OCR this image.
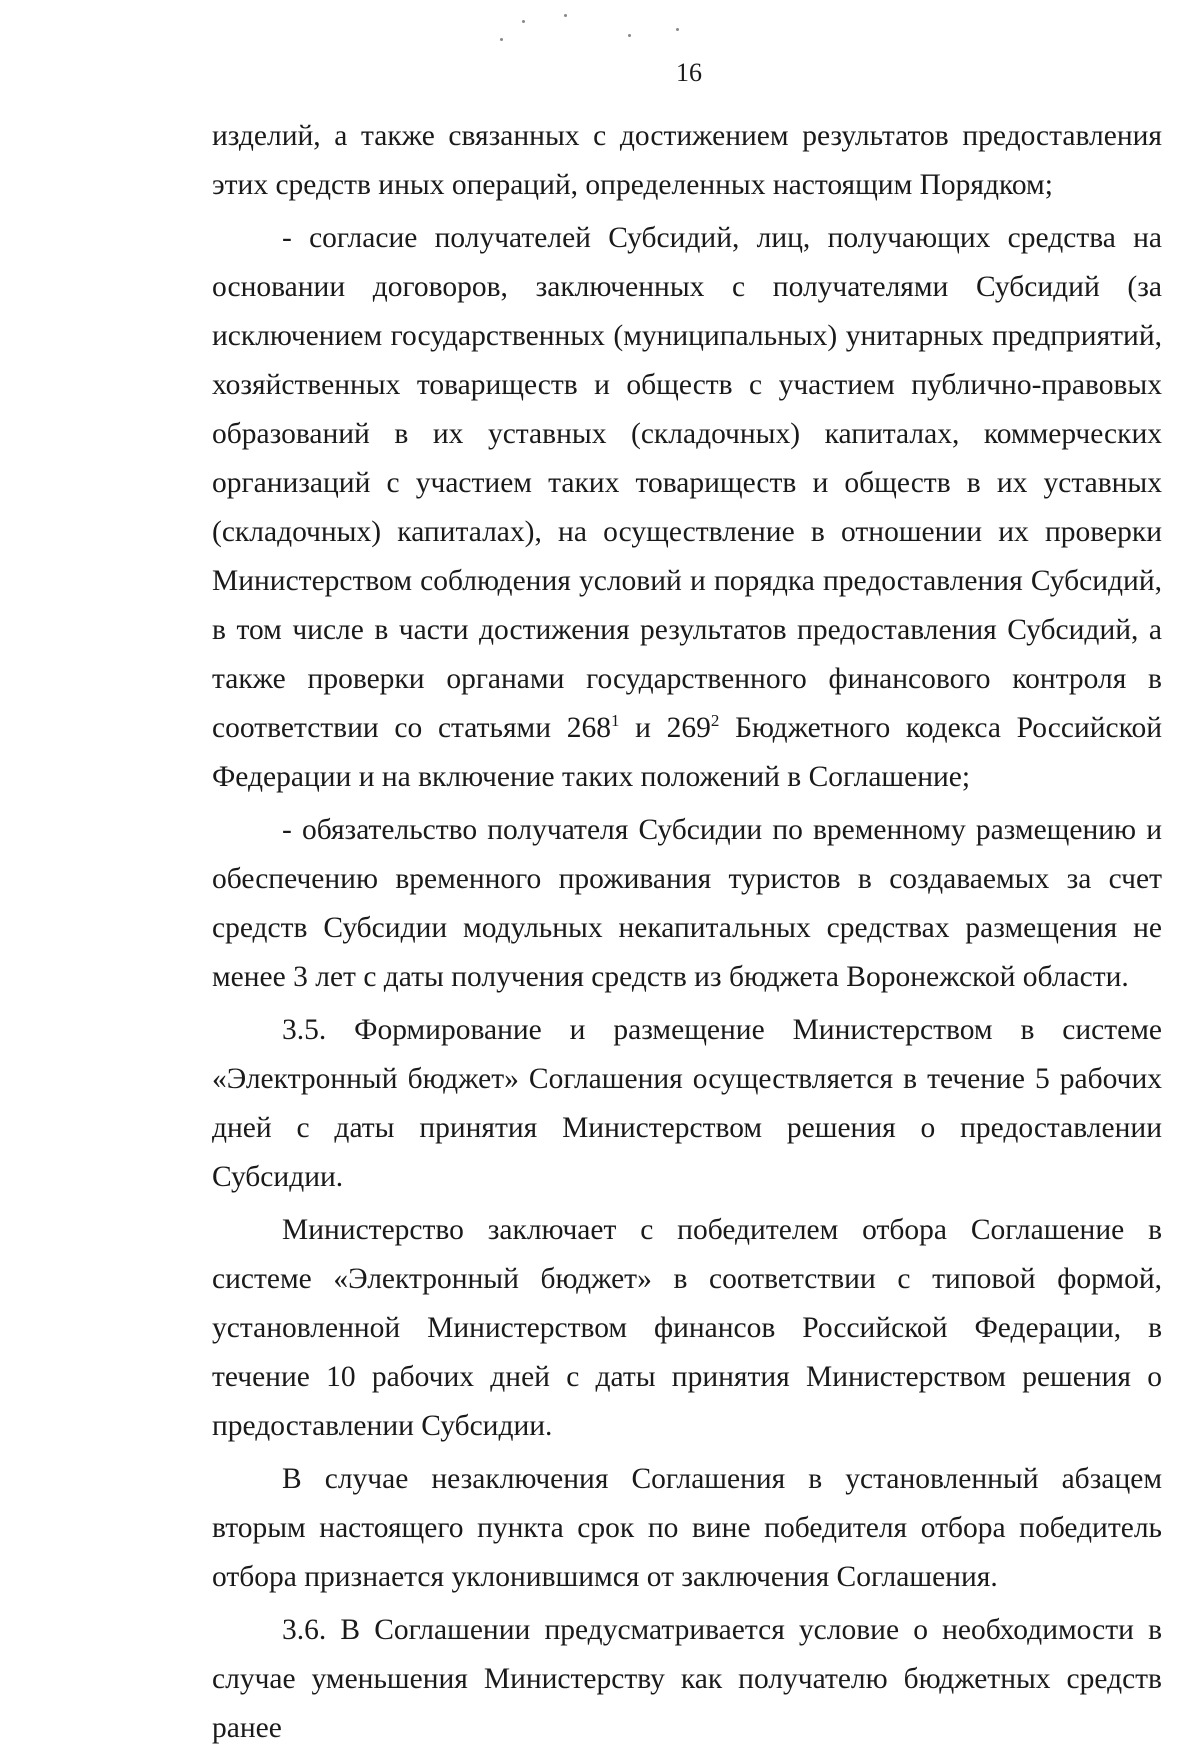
16

изделий, а также связанных с достижением результатов предоставления этих средств иных операций, определенных настоящим Порядком;

- согласие получателей Субсидий, лиц, получающих средства на основании договоров, заключенных с получателями Субсидий (за исключением государственных (муниципальных) унитарных предприятий, хозяйственных товариществ и обществ с участием публично-правовых образований в их уставных (складочных) капиталах, коммерческих организаций с участием таких товариществ и обществ в их уставных (складочных) капиталах), на осуществление в отношении их проверки Министерством соблюдения условий и порядка предоставления Субсидий, в том числе в части достижения результатов предоставления Субсидий, а также проверки органами государственного финансового контроля в соответствии со статьями $268^1$ и $269^2$ Бюджетного кодекса Российской Федерации и на включение таких положений в Соглашение;

- обязательство получателя Субсидии по временному размещению и обеспечению временного проживания туристов в создаваемых за счет средств Субсидии модульных некапитальных средствах размещения не менее 3 лет с даты получения средств из бюджета Воронежской области.

3.5. Формирование и размещение Министерством в системе «Электронный бюджет» Соглашения осуществляется в течение 5 рабочих дней с даты принятия Министерством решения о предоставлении Субсидии.

Министерство заключает с победителем отбора Соглашение в системе «Электронный бюджет» в соответствии с типовой формой, установленной Министерством финансов Российской Федерации, в течение 10 рабочих дней с даты принятия Министерством решения о предоставлении Субсидии.

В случае незаключения Соглашения в установленный абзацем вторым настоящего пункта срок по вине победителя отбора победитель отбора признается уклонившимся от заключения Соглашения.

3.6. В Соглашении предусматривается условие о необходимости в случае уменьшения Министерству как получателю бюджетных средств ранее
